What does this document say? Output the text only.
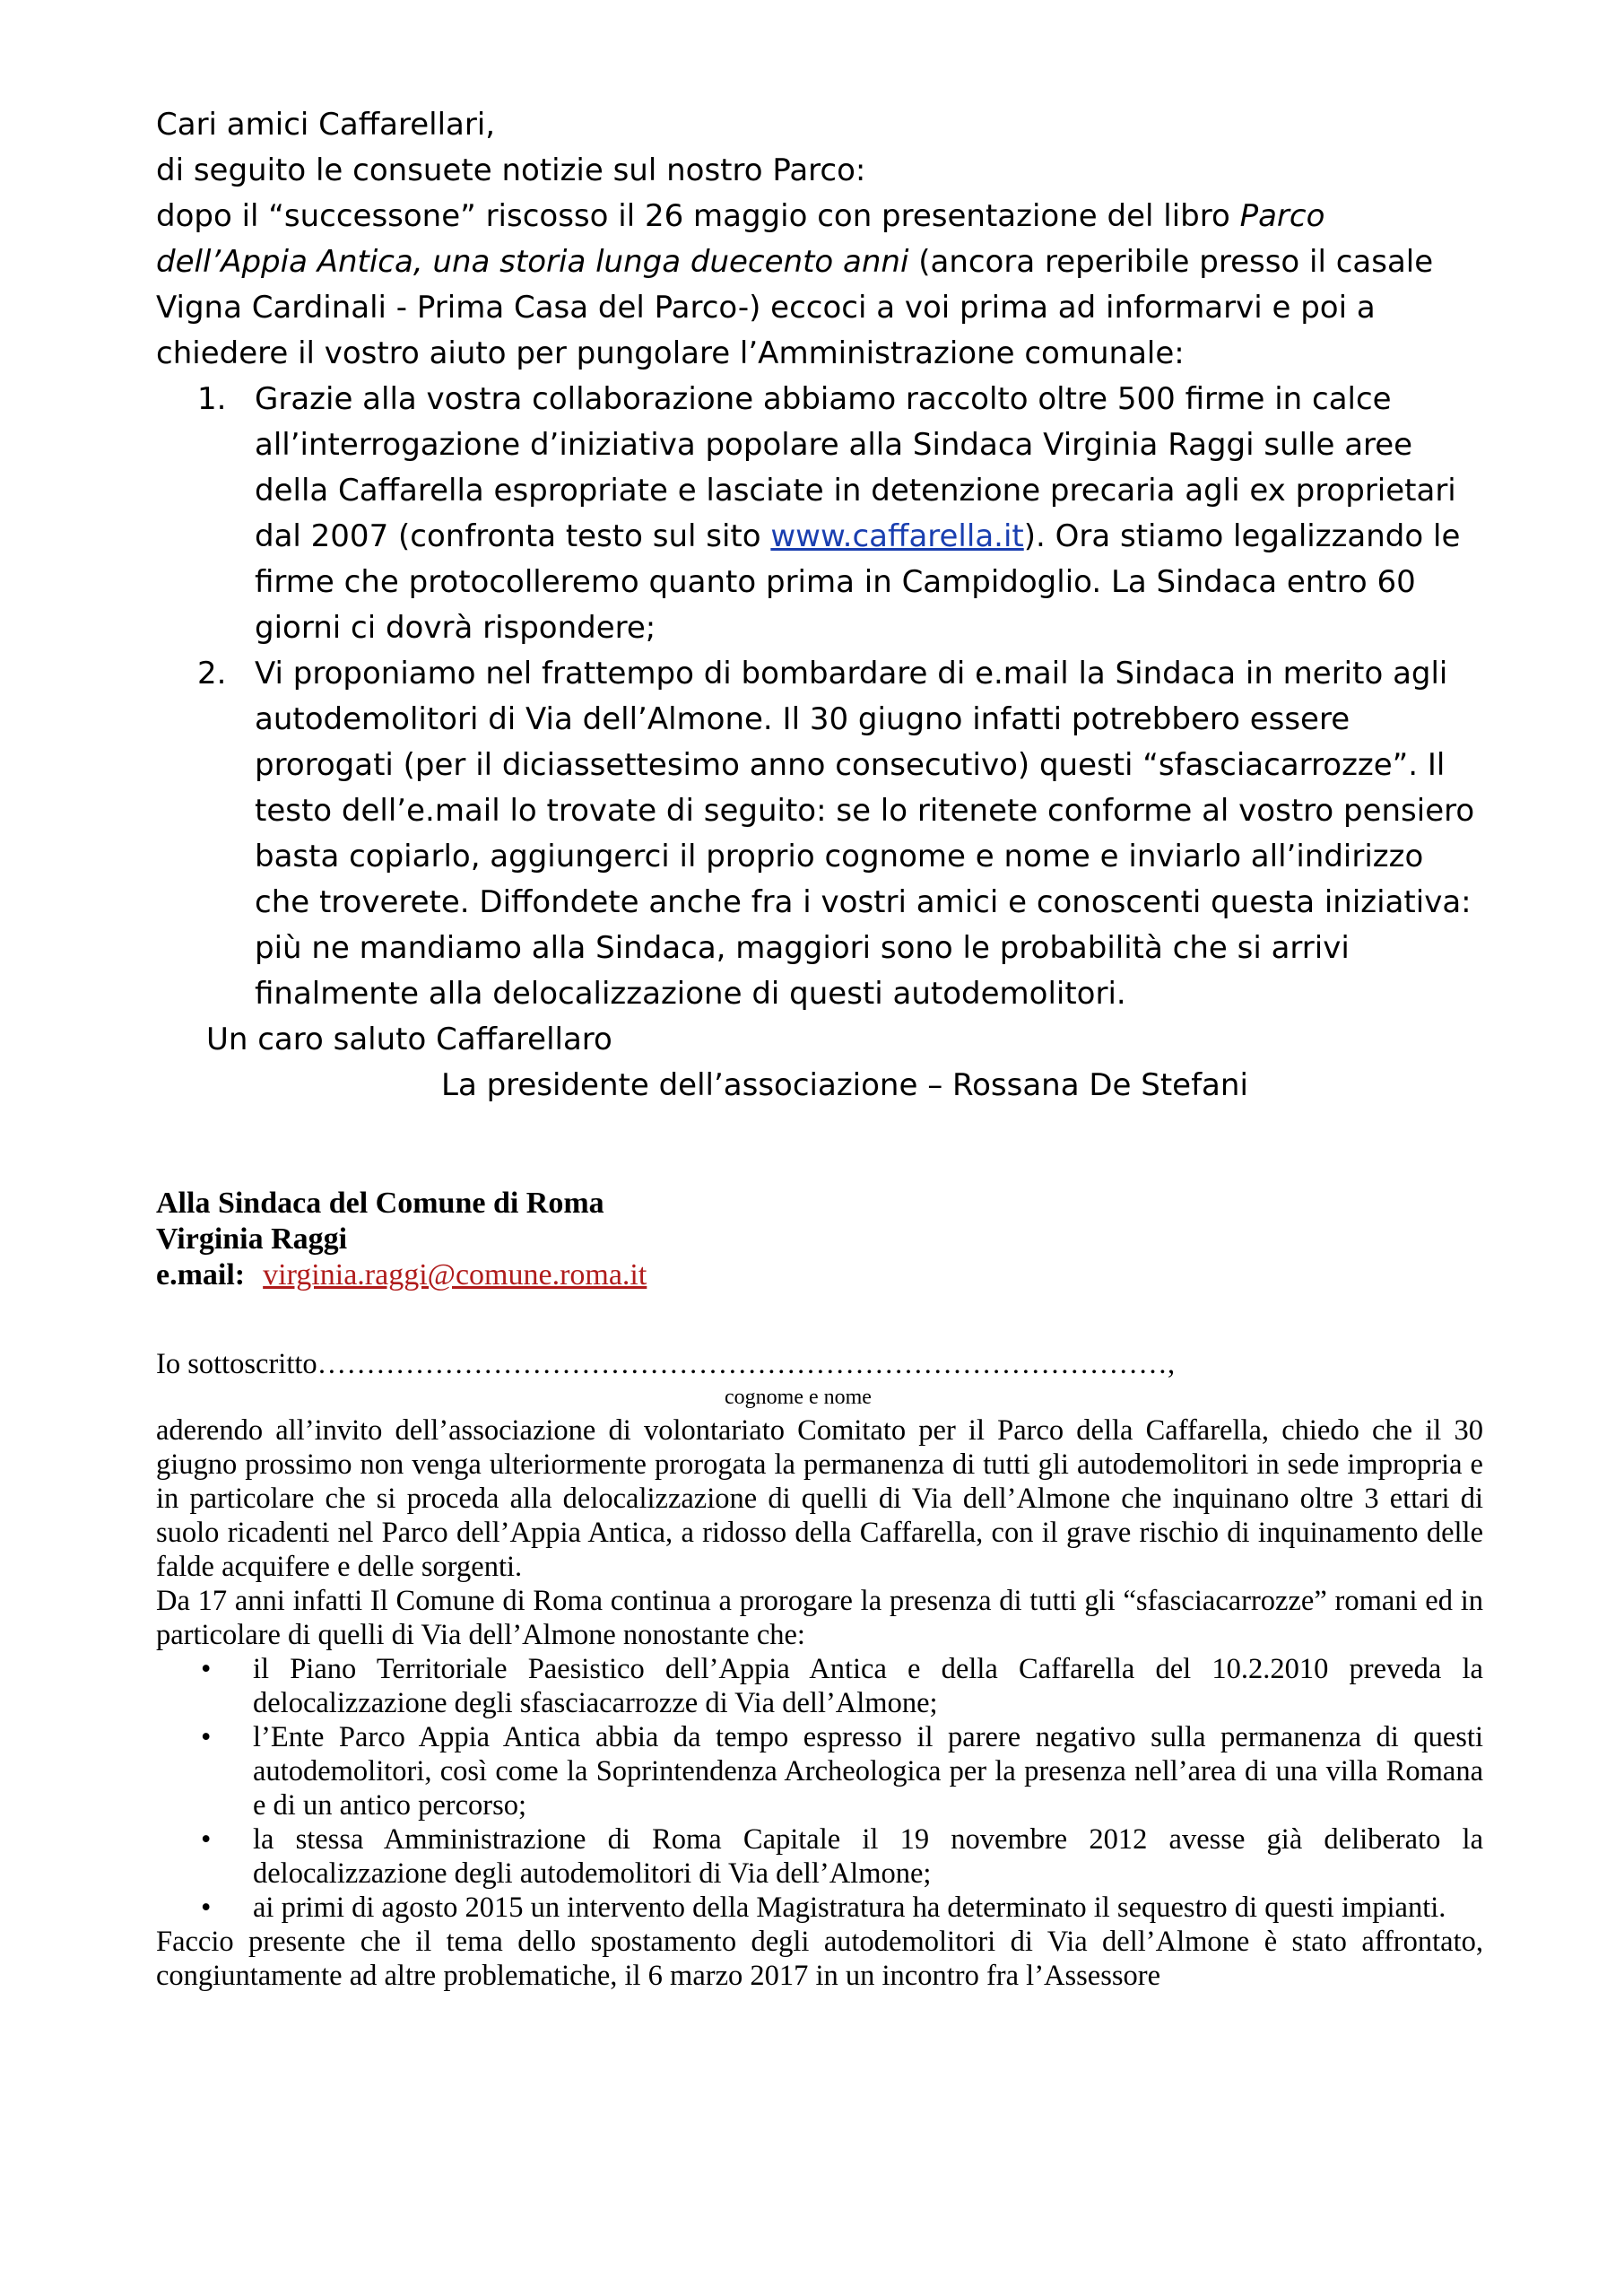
Cari amici Caffarellari,

di seguito le consuete notizie sul nostro Parco:

dopo il “successone” riscosso il 26 maggio con presentazione del libro Parco dell’Appia Antica, una storia lunga duecento anni (ancora reperibile presso il casale Vigna Cardinali - Prima Casa del Parco-) eccoci a voi prima ad informarvi e poi a chiedere il vostro aiuto per pungolare l’Amministrazione comunale:

1. Grazie alla vostra collaborazione abbiamo raccolto oltre 500 firme in calce all’interrogazione d’iniziativa popolare alla Sindaca Virginia Raggi sulle aree della Caffarella espropriate e lasciate in detenzione precaria agli ex proprietari dal 2007 (confronta testo sul sito www.caffarella.it). Ora stiamo legalizzando le firme che protocolleremo quanto prima in Campidoglio. La Sindaca entro 60 giorni ci dovrà rispondere;
2. Vi proponiamo nel frattempo di bombardare di e.mail la Sindaca in merito agli autodemolitori di Via dell’Almone. Il 30 giugno infatti potrebbero essere prorogati (per il diciassettesimo anno consecutivo) questi “sfasciacarrozze”. Il testo dell’e.mail lo trovate di seguito: se lo ritenete conforme al vostro pensiero basta copiarlo, aggiungerci il proprio cognome e nome e inviarlo all’indirizzo che troverete. Diffondete anche fra i vostri amici e conoscenti questa iniziativa: più ne mandiamo alla Sindaca, maggiori sono le probabilità che si arrivi finalmente alla delocalizzazione di questi autodemolitori.

Un caro saluto Caffarellaro

La presidente dell’associazione – Rossana De Stefani

Alla Sindaca del Comune di Roma
Virginia Raggi
e.mail: virginia.raggi@comune.roma.it
Io sottoscritto……………………………………………………………………………,
cognome e nome

aderendo all’invito dell’associazione di volontariato Comitato per il Parco della Caffarella, chiedo che il 30 giugno prossimo non venga ulteriormente prorogata la permanenza di tutti gli autodemolitori in sede impropria e in particolare che si proceda alla delocalizzazione di quelli di Via dell’Almone che inquinano oltre 3 ettari di suolo ricadenti nel Parco dell’Appia Antica, a ridosso della Caffarella, con il grave rischio di inquinamento delle falde acquifere e delle sorgenti.

Da 17 anni infatti Il Comune di Roma continua a prorogare la presenza di tutti gli “sfasciacarrozze” romani ed in particolare di quelli di Via dell’Almone nonostante che:

• il Piano Territoriale Paesistico dell’Appia Antica e della Caffarella del 10.2.2010 preveda la delocalizzazione degli sfasciacarrozze di Via dell’Almone;
• l’Ente Parco Appia Antica abbia da tempo espresso il parere negativo sulla permanenza di questi autodemolitori, così come la Soprintendenza Archeologica per la presenza nell’area di una villa Romana e di un antico percorso;
• la stessa Amministrazione di Roma Capitale il 19 novembre 2012 avesse già deliberato la delocalizzazione degli autodemolitori di Via dell’Almone;
• ai primi di agosto 2015 un intervento della Magistratura ha determinato il sequestro di questi impianti.

Faccio presente che il tema dello spostamento degli autodemolitori di Via dell’Almone è stato affrontato, congiuntamente ad altre problematiche, il 6 marzo 2017 in un incontro fra l’Assessore
